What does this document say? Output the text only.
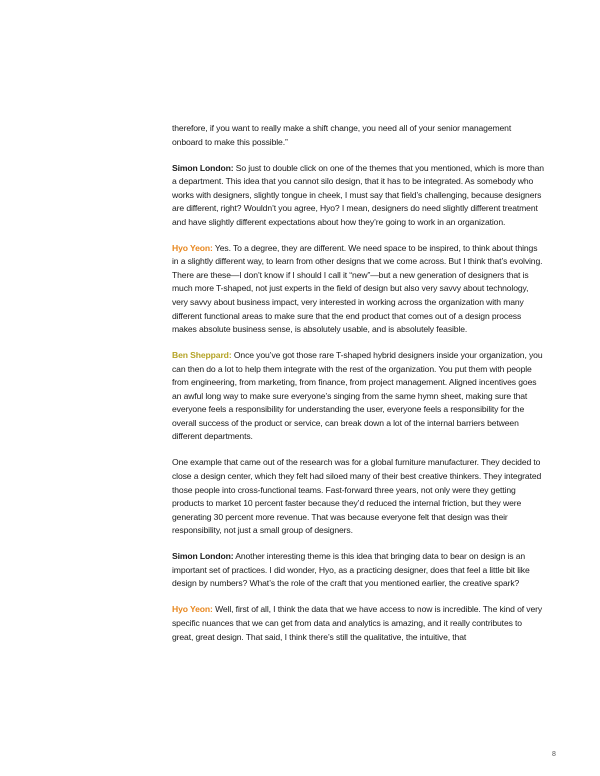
therefore, if you want to really make a shift change, you need all of your senior management onboard to make this possible.”

Simon London: So just to double click on one of the themes that you mentioned, which is more than a department. This idea that you cannot silo design, that it has to be integrated. As somebody who works with designers, slightly tongue in cheek, I must say that field’s challenging, because designers are different, right? Wouldn’t you agree, Hyo? I mean, designers do need slightly different treatment and have slightly different expectations about how they’re going to work in an organization.

Hyo Yeon: Yes. To a degree, they are different. We need space to be inspired, to think about things in a slightly different way, to learn from other designs that we come across. But I think that’s evolving. There are these—I don’t know if I should I call it “new”—but a new generation of designers that is much more T-shaped, not just experts in the field of design but also very savvy about technology, very savvy about business impact, very interested in working across the organization with many different functional areas to make sure that the end product that comes out of a design process makes absolute business sense, is absolutely usable, and is absolutely feasible.

Ben Sheppard: Once you’ve got those rare T-shaped hybrid designers inside your organization, you can then do a lot to help them integrate with the rest of the organization. You put them with people from engineering, from marketing, from finance, from project management. Aligned incentives goes an awful long way to make sure everyone’s singing from the same hymn sheet, making sure that everyone feels a responsibility for understanding the user, everyone feels a responsibility for the overall success of the product or service, can break down a lot of the internal barriers between different departments.

One example that came out of the research was for a global furniture manufacturer. They decided to close a design center, which they felt had siloed many of their best creative thinkers. They integrated those people into cross-functional teams. Fast-forward three years, not only were they getting products to market 10 percent faster because they’d reduced the internal friction, but they were generating 30 percent more revenue. That was because everyone felt that design was their responsibility, not just a small group of designers.

Simon London: Another interesting theme is this idea that bringing data to bear on design is an important set of practices. I did wonder, Hyo, as a practicing designer, does that feel a little bit like design by numbers? What’s the role of the craft that you mentioned earlier, the creative spark?

Hyo Yeon: Well, first of all, I think the data that we have access to now is incredible. The kind of very specific nuances that we can get from data and analytics is amazing, and it really contributes to great, great design. That said, I think there’s still the qualitative, the intuitive, that

8
